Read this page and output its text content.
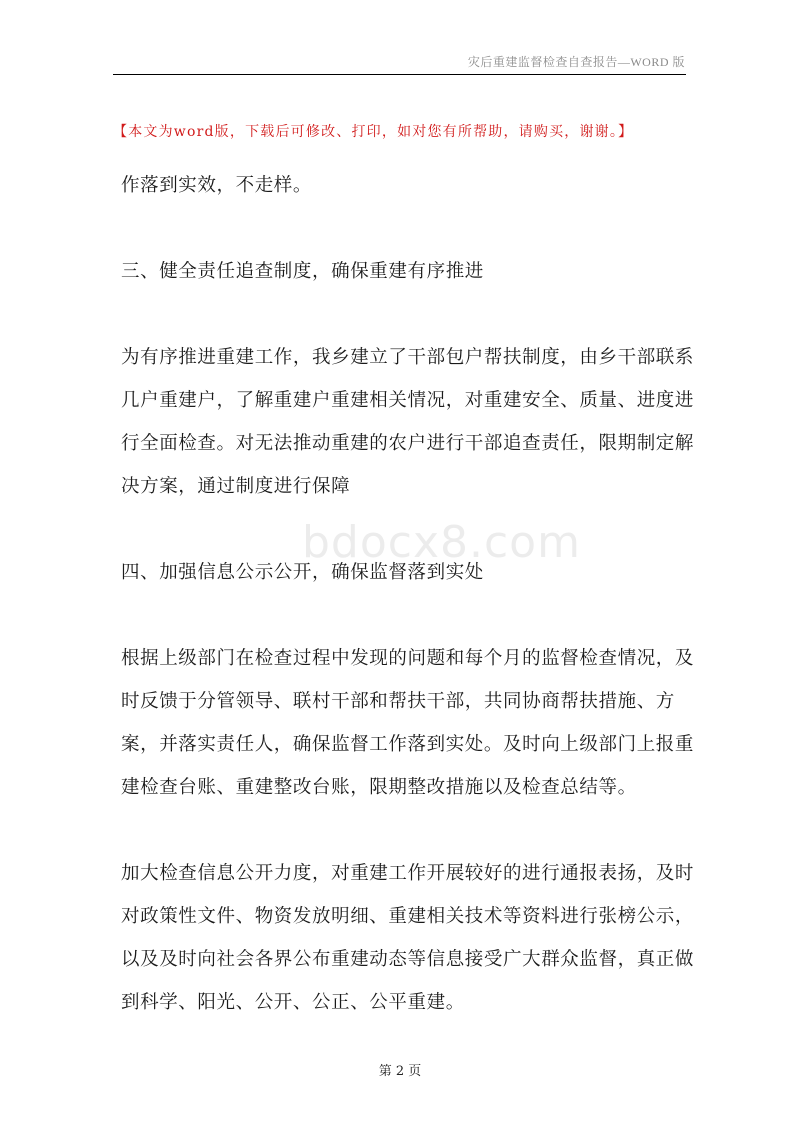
灾后重建监督检查自查报告—WORD 版
【本文为word版，下载后可修改、打印，如对您有所帮助，请购买，谢谢。】

作落到实效，不走样。

三、健全责任追查制度，确保重建有序推进

为有序推进重建工作，我乡建立了干部包户帮扶制度，由乡干部联系几户重建户，了解重建户重建相关情况，对重建安全、质量、进度进行全面检查。对无法推动重建的农户进行干部追查责任，限期制定解决方案，通过制度进行保障

四、加强信息公示公开，确保监督落到实处

根据上级部门在检查过程中发现的问题和每个月的监督检查情况，及时反馈于分管领导、联村干部和帮扶干部，共同协商帮扶措施、方案，并落实责任人，确保监督工作落到实处。及时向上级部门上报重建检查台账、重建整改台账，限期整改措施以及检查总结等。

加大检查信息公开力度，对重建工作开展较好的进行通报表扬，及时对政策性文件、物资发放明细、重建相关技术等资料进行张榜公示，以及及时向社会各界公布重建动态等信息接受广大群众监督，真正做到科学、阳光、公开、公正、公平重建。

bdocx8.com
第 2 页
